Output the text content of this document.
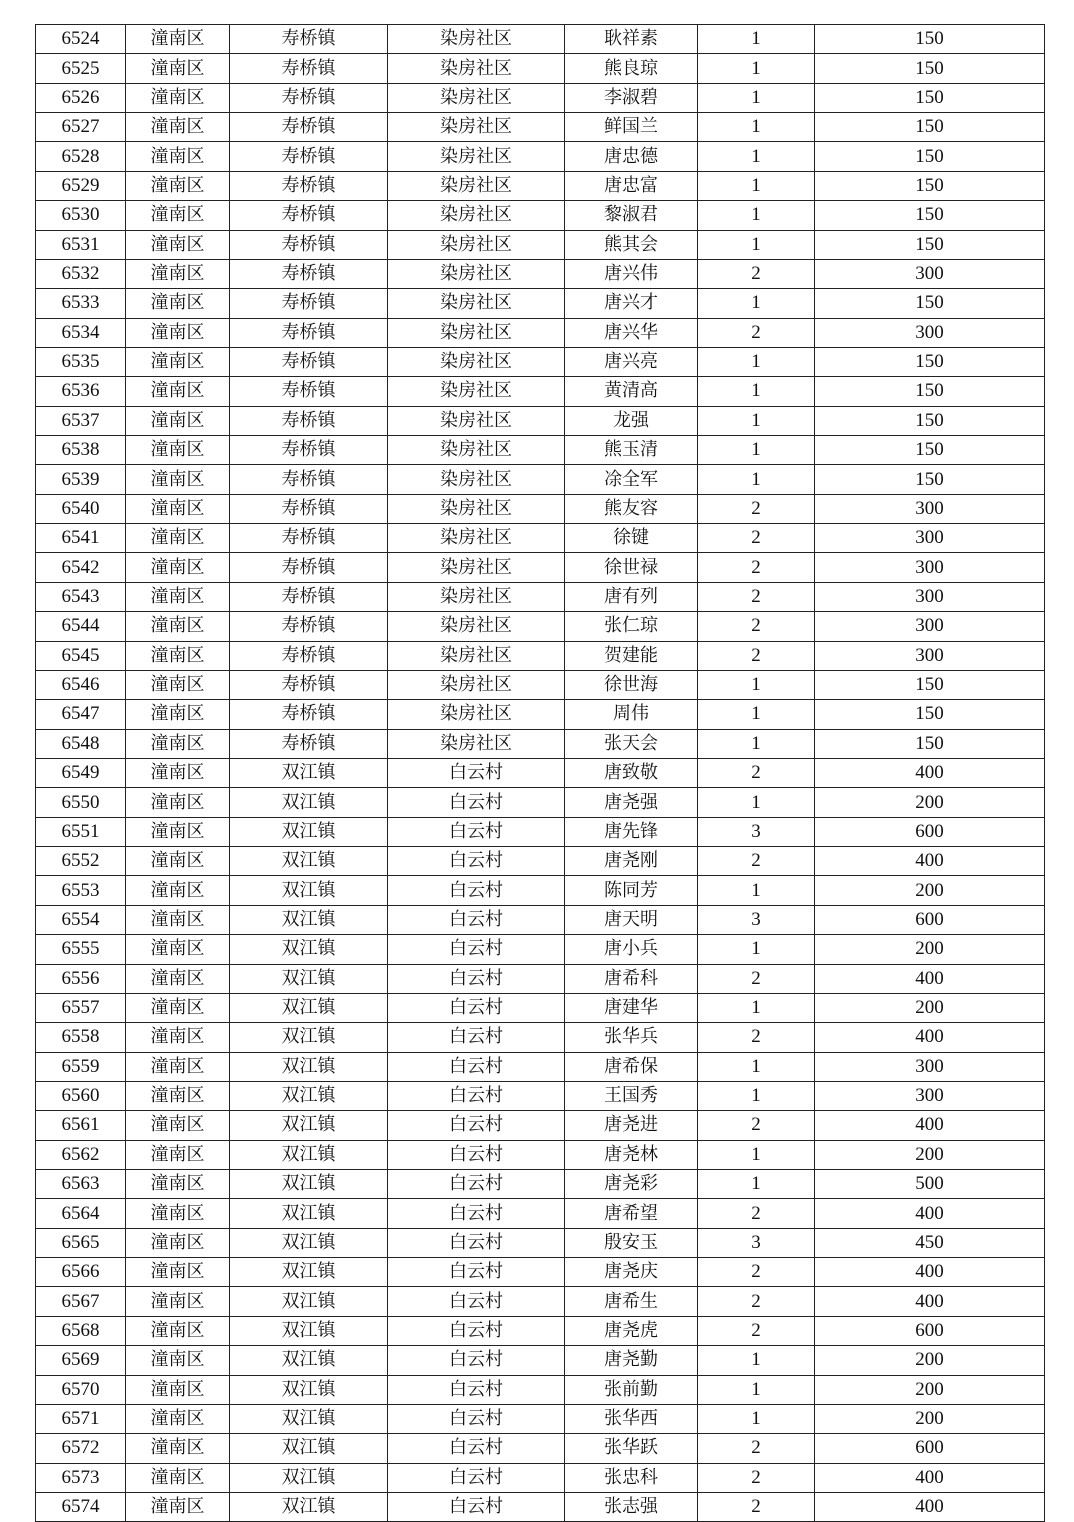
6524	潼南区	寿桥镇	染房社区	耿祥素	1	150
6525	潼南区	寿桥镇	染房社区	熊良琼	1	150
6526	潼南区	寿桥镇	染房社区	李淑碧	1	150
6527	潼南区	寿桥镇	染房社区	鲜国兰	1	150
6528	潼南区	寿桥镇	染房社区	唐忠德	1	150
6529	潼南区	寿桥镇	染房社区	唐忠富	1	150
6530	潼南区	寿桥镇	染房社区	黎淑君	1	150
6531	潼南区	寿桥镇	染房社区	熊其会	1	150
6532	潼南区	寿桥镇	染房社区	唐兴伟	2	300
6533	潼南区	寿桥镇	染房社区	唐兴才	1	150
6534	潼南区	寿桥镇	染房社区	唐兴华	2	300
6535	潼南区	寿桥镇	染房社区	唐兴亮	1	150
6536	潼南区	寿桥镇	染房社区	黄清高	1	150
6537	潼南区	寿桥镇	染房社区	龙强	1	150
6538	潼南区	寿桥镇	染房社区	熊玉清	1	150
6539	潼南区	寿桥镇	染房社区	凃全军	1	150
6540	潼南区	寿桥镇	染房社区	熊友容	2	300
6541	潼南区	寿桥镇	染房社区	徐键	2	300
6542	潼南区	寿桥镇	染房社区	徐世禄	2	300
6543	潼南区	寿桥镇	染房社区	唐有列	2	300
6544	潼南区	寿桥镇	染房社区	张仁琼	2	300
6545	潼南区	寿桥镇	染房社区	贺建能	2	300
6546	潼南区	寿桥镇	染房社区	徐世海	1	150
6547	潼南区	寿桥镇	染房社区	周伟	1	150
6548	潼南区	寿桥镇	染房社区	张天会	1	150
6549	潼南区	双江镇	白云村	唐致敬	2	400
6550	潼南区	双江镇	白云村	唐尧强	1	200
6551	潼南区	双江镇	白云村	唐先锋	3	600
6552	潼南区	双江镇	白云村	唐尧刚	2	400
6553	潼南区	双江镇	白云村	陈同芳	1	200
6554	潼南区	双江镇	白云村	唐天明	3	600
6555	潼南区	双江镇	白云村	唐小兵	1	200
6556	潼南区	双江镇	白云村	唐希科	2	400
6557	潼南区	双江镇	白云村	唐建华	1	200
6558	潼南区	双江镇	白云村	张华兵	2	400
6559	潼南区	双江镇	白云村	唐希保	1	300
6560	潼南区	双江镇	白云村	王国秀	1	300
6561	潼南区	双江镇	白云村	唐尧进	2	400
6562	潼南区	双江镇	白云村	唐尧林	1	200
6563	潼南区	双江镇	白云村	唐尧彩	1	500
6564	潼南区	双江镇	白云村	唐希望	2	400
6565	潼南区	双江镇	白云村	殷安玉	3	450
6566	潼南区	双江镇	白云村	唐尧庆	2	400
6567	潼南区	双江镇	白云村	唐希生	2	400
6568	潼南区	双江镇	白云村	唐尧虎	2	600
6569	潼南区	双江镇	白云村	唐尧勤	1	200
6570	潼南区	双江镇	白云村	张前勤	1	200
6571	潼南区	双江镇	白云村	张华西	1	200
6572	潼南区	双江镇	白云村	张华跃	2	600
6573	潼南区	双江镇	白云村	张忠科	2	400
6574	潼南区	双江镇	白云村	张志强	2	400
